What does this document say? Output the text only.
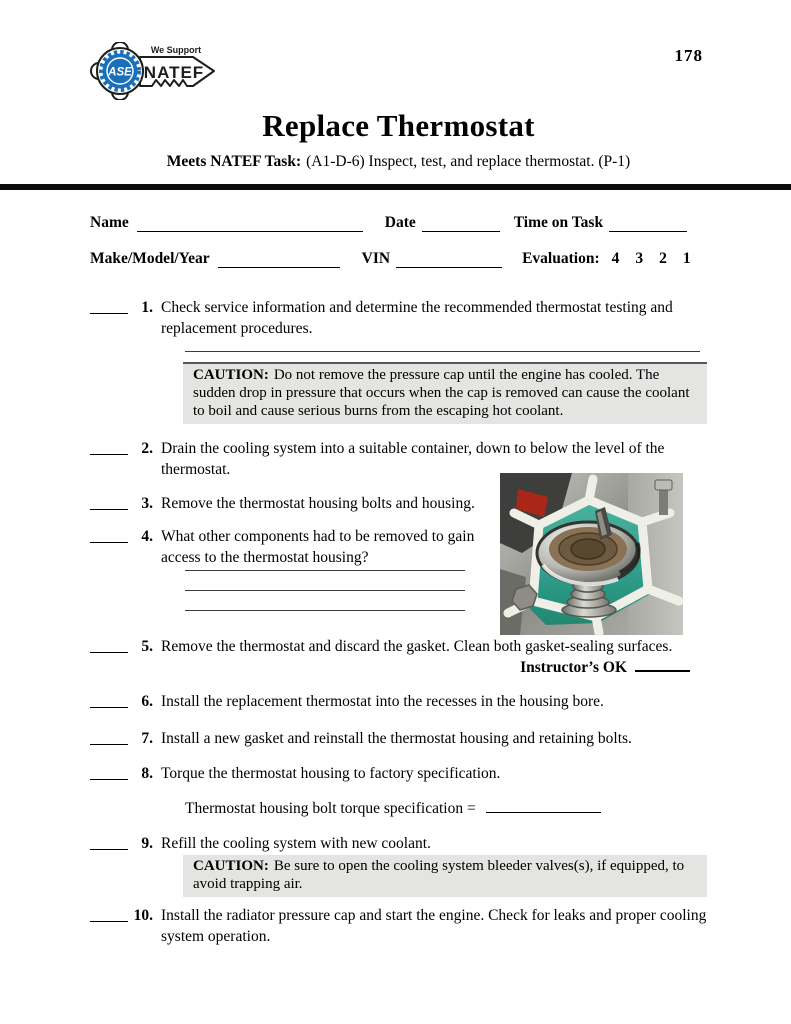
ASE
We Support
NATEF
178
Replace Thermostat
Meets NATEF Task: (A1-D-6) Inspect, test, and replace thermostat. (P-1)
Name	Date	Time on Task
Make/Model/Year	VIN	Evaluation: 4 3 2 1
1. Check service information and determine the recommended thermostat testing and replacement procedures.
CAUTION: Do not remove the pressure cap until the engine has cooled. The sudden drop in pressure that occurs when the cap is removed can cause the coolant to boil and cause serious burns from the escaping hot coolant.
2. Drain the cooling system into a suitable container, down to below the level of the thermostat.
3. Remove the thermostat housing bolts and housing.
4. What other components had to be removed to gain access to the thermostat housing?
5. Remove the thermostat and discard the gasket. Clean both gasket-sealing surfaces.
Instructor’s OK
6. Install the replacement thermostat into the recesses in the housing bore.
7. Install a new gasket and reinstall the thermostat housing and retaining bolts.
8. Torque the thermostat housing to factory specification.
Thermostat housing bolt torque specification =
9. Refill the cooling system with new coolant.
CAUTION: Be sure to open the cooling system bleeder valves(s), if equipped, to avoid trapping air.
10. Install the radiator pressure cap and start the engine. Check for leaks and proper cooling system operation.
